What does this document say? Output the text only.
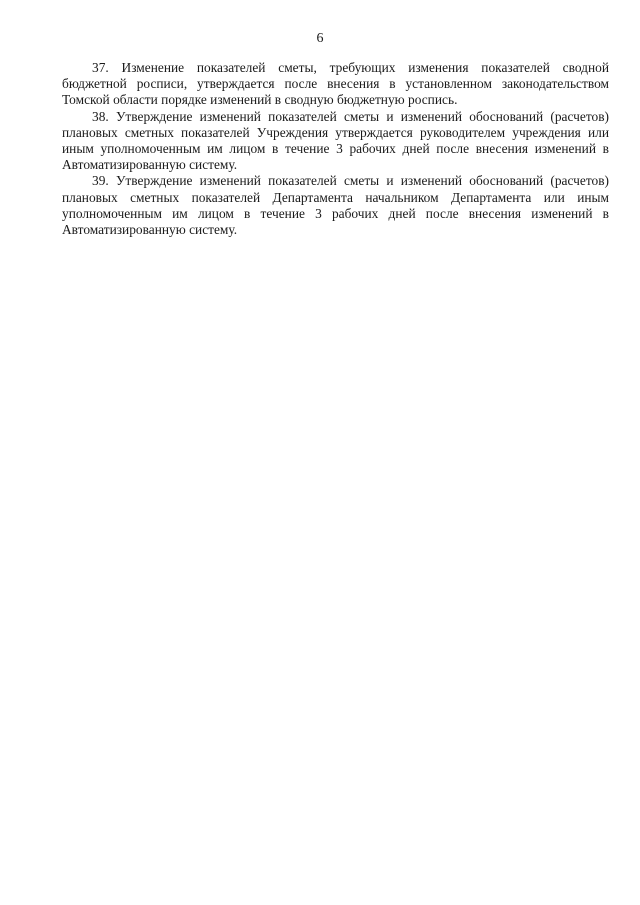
6

37. Изменение показателей сметы, требующих изменения показателей сводной бюджетной росписи, утверждается после внесения в установленном законодательством Томской области порядке изменений в сводную бюджетную роспись.

38. Утверждение изменений показателей сметы и изменений обоснований (расчетов) плановых сметных показателей Учреждения утверждается руководителем учреждения или иным уполномоченным им лицом в течение 3 рабочих дней после внесения изменений в Автоматизированную систему.

39. Утверждение изменений показателей сметы и изменений обоснований (расчетов) плановых сметных показателей Департамента начальником Департамента или иным уполномоченным им лицом в течение 3 рабочих дней после внесения изменений в Автоматизированную систему.
